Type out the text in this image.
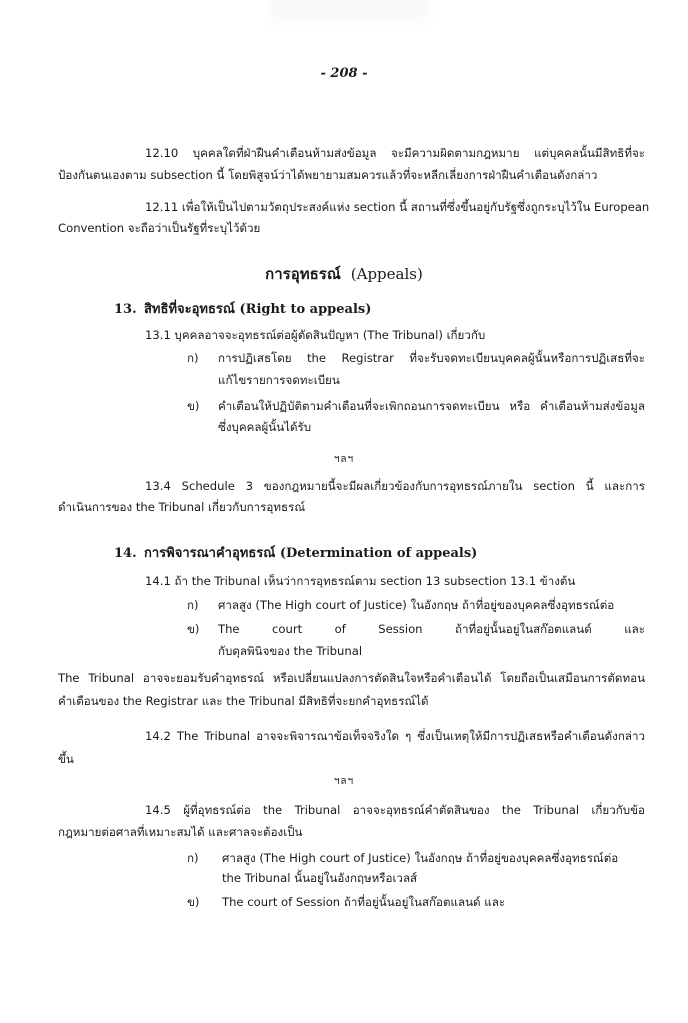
- 208 -
12.10 บุคคลใดที่ฝ่าฝืนคำเตือนห้ามส่งข้อมูล จะมีความผิดตามกฎหมาย แต่บุคคลนั้นมีสิทธิที่จะ
ป้องกันตนเองตาม subsection นี้ โดยพิสูจน์ว่าได้พยายามสมควรแล้วที่จะหลีกเลี่ยงการฝ่าฝืนคำเตือนดังกล่าว
12.11 เพื่อให้เป็นไปตามวัตถุประสงค์แห่ง section นี้ สถานที่ซึ่งขึ้นอยู่กับรัฐซึ่งถูกระบุไว้ใน European
Convention จะถือว่าเป็นรัฐที่ระบุไว้ด้วย
การอุทธรณ์ (Appeals)
13. สิทธิที่จะอุทธรณ์ (Right to appeals)
13.1 บุคคลอาจจะอุทธรณ์ต่อผู้ตัดสินปัญหา (The Tribunal) เกี่ยวกับ
ก) การปฏิเสธโดย the Registrar ที่จะรับจดทะเบียนบุคคลผู้นั้นหรือการปฏิเสธที่จะ
แก้ไขรายการจดทะเบียน
ข) คำเตือนให้ปฏิบัติตามคำเตือนที่จะเพิกถอนการจดทะเบียน หรือ คำเตือนห้ามส่งข้อมูล
ซึ่งบุคคลผู้นั้นได้รับ
ฯลฯ
13.4 Schedule 3 ของกฎหมายนี้จะมีผลเกี่ยวข้องกับการอุทธรณ์ภายใน section นี้ และการ
ดำเนินการของ the Tribunal เกี่ยวกับการอุทธรณ์
14. การพิจารณาคำอุทธรณ์ (Determination of appeals)
14.1 ถ้า the Tribunal เห็นว่าการอุทธรณ์ตาม section 13 subsection 13.1 ข้างต้น
ก) ศาลสูง (The High court of Justice) ในอังกฤษ ถ้าที่อยู่ของบุคคลซึ่งอุทธรณ์ต่อ
ข) The court of Session ถ้าที่อยู่นั้นอยู่ในสก๊อตแลนด์ และ
กับดุลพินิจของ the Tribunal
The Tribunal อาจจะยอมรับคำอุทธรณ์ หรือเปลี่ยนแปลงการตัดสินใจหรือคำเตือนได้ โดยถือเป็นเสมือนการตัดทอน
คำเตือนของ the Registrar และ the Tribunal มีสิทธิที่จะยกคำอุทธรณ์ได้
14.2 The Tribunal อาจจะพิจารณาข้อเท็จจริงใด ๆ ซึ่งเป็นเหตุให้มีการปฏิเสธหรือคำเตือนดังกล่าว
ขึ้น
ฯลฯ
14.5 ผู้ที่อุทธรณ์ต่อ the Tribunal อาจจะอุทธรณ์คำตัดสินของ the Tribunal เกี่ยวกับข้อ
กฎหมายต่อศาลที่เหมาะสมได้ และศาลจะต้องเป็น
ก) ศาลสูง (The High court of Justice) ในอังกฤษ ถ้าที่อยู่ของบุคคลซึ่งอุทธรณ์ต่อ
the Tribunal นั้นอยู่ในอังกฤษหรือเวลส์
ข) The court of Session ถ้าที่อยู่นั้นอยู่ในสก๊อตแลนด์ และ
